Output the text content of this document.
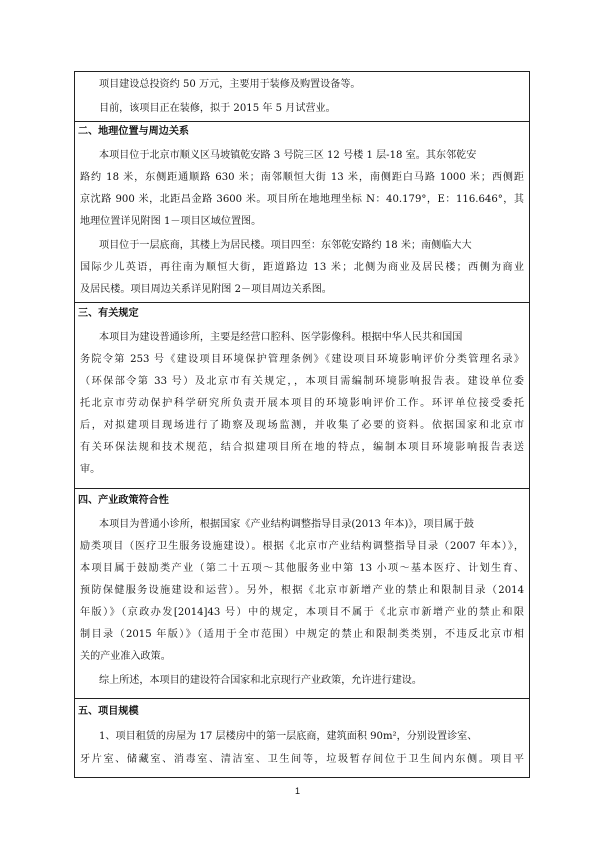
项目建设总投资约 50 万元，主要用于装修及购置设备等。
目前，该项目正在装修，拟于 2015 年 5 月试营业。
二、地理位置与周边关系
本项目位于北京市顺义区马坡镇乾安路 3 号院三区 12 号楼 1 层-18 室。其东邻乾安
路约 18 米，东侧距通顺路 630 米；南邻顺恒大街 13 米，南侧距白马路 1000 米；西侧距
京沈路 900 米，北距昌金路 3600 米。项目所在地地理坐标 N：40.179°，E：116.646°，其
地理位置详见附图 1－项目区域位置图。
项目位于一层底商，其楼上为居民楼。项目四至：东邻乾安路约 18 米；南侧临大大
国际少儿英语，再往南为顺恒大街，距道路边 13 米；北侧为商业及居民楼；西侧为商业
及居民楼。项目周边关系详见附图 2－项目周边关系图。
三、有关规定
本项目为建设普通诊所，主要是经营口腔科、医学影像科。根据中华人民共和国国
务院令第 253 号《建设项目环境保护管理条例》《建设项目环境影响评价分类管理名录》
（环保部令第 33 号）及北京市有关规定，，本项目需编制环境影响报告表。建设单位委
托北京市劳动保护科学研究所负责开展本项目的环境影响评价工作。环评单位接受委托
后，对拟建项目现场进行了勘察及现场监测，并收集了必要的资料。依据国家和北京市
有关环保法规和技术规范，结合拟建项目所在地的特点，编制本项目环境影响报告表送
审。
四、产业政策符合性
本项目为普通小诊所，根据国家《产业结构调整指导目录(2013 年本)》，项目属于鼓
励类项目（医疗卫生服务设施建设）。根据《北京市产业结构调整指导目录（2007 年本）》，
本项目属于鼓励类产业（第二十五项～其他服务业中第 13 小项～基本医疗、计划生育、
预防保健服务设施建设和运营）。另外，根据《北京市新增产业的禁止和限制目录（2014
年版）》（京政办发[2014]43 号）中的规定，本项目不属于《北京市新增产业的禁止和限
制目录（2015 年版）》（适用于全市范围）中规定的禁止和限制类类别，不违反北京市相
关的产业准入政策。
综上所述，本项目的建设符合国家和北京现行产业政策，允许进行建设。
五、项目规模
1、项目租赁的房屋为 17 层楼房中的第一层底商，建筑面积 90m²，分别设置诊室、
牙片室、储藏室、消毒室、清洁室、卫生间等，垃圾暂存间位于卫生间内东侧。项目平
1
